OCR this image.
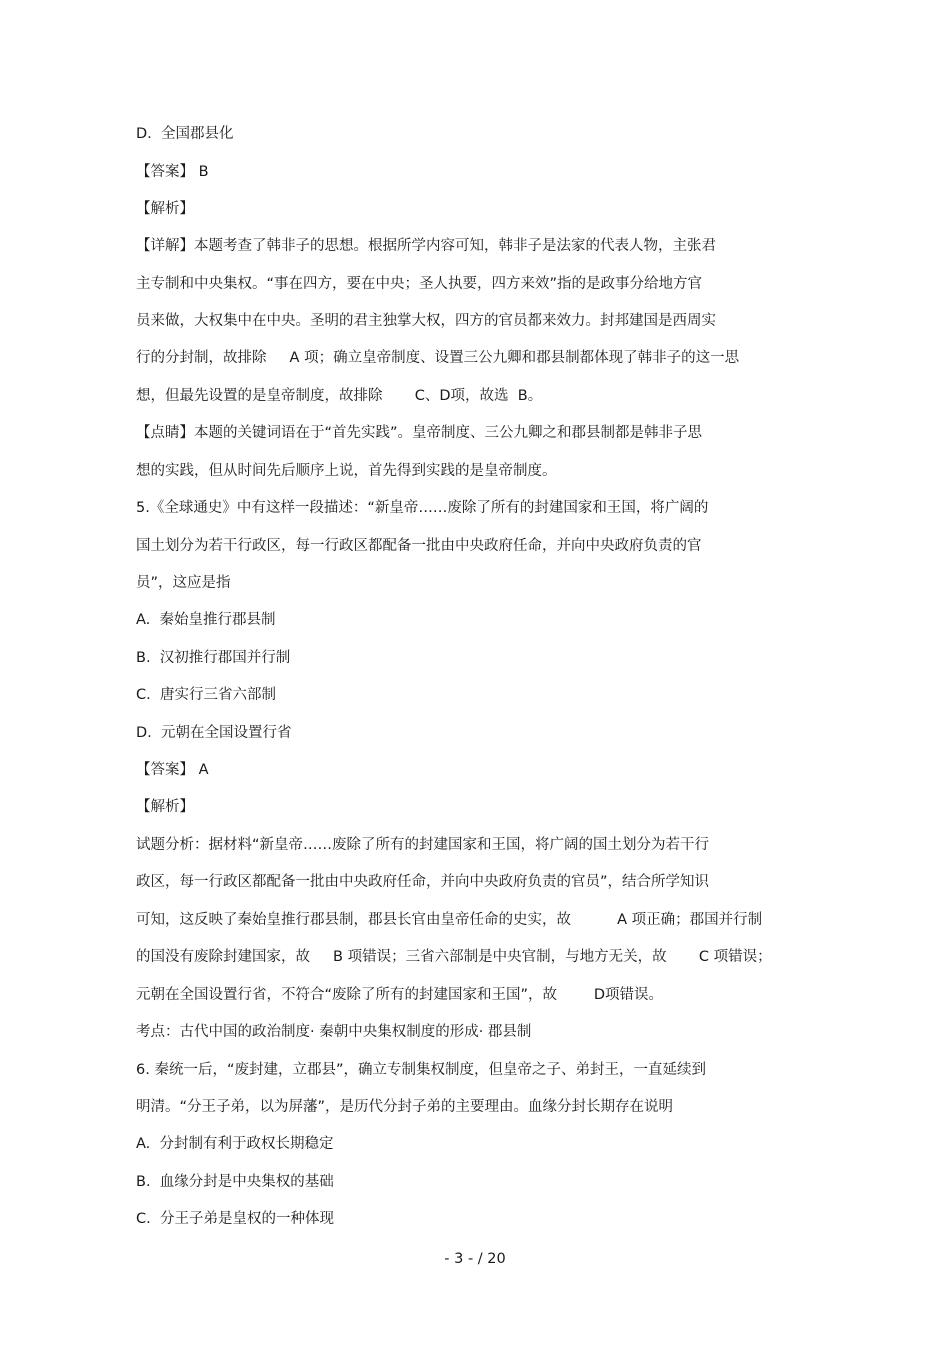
D.  全国郡县化
【答案】 B
【解析】
【详解】本题考查了韩非子的思想。根据所学内容可知，韩非子是法家的代表人物，主张君
主专制和中央集权。“事在四方，要在中央；圣人执要，四方来效”指的是政事分给地方官
员来做，大权集中在中央。圣明的君主独掌大权，四方的官员都来效力。封邦建国是西周实
行的分封制，故排除     A 项；确立皇帝制度、设置三公九卿和郡县制都体现了韩非子的这一思
想，但最先设置的是皇帝制度，故排除       C、D项，故选  B。
【点睛】本题的关键词语在于“首先实践”。皇帝制度、三公九卿之和郡县制都是韩非子思
想的实践，但从时间先后顺序上说，首先得到实践的是皇帝制度。
5.《全球通史》中有这样一段描述：“新皇帝……废除了所有的封建国家和王国，将广阔的
国土划分为若干行政区，每一行政区都配备一批由中央政府任命，并向中央政府负责的官
员”，这应是指
A.  秦始皇推行郡县制
B.  汉初推行郡国并行制
C.  唐实行三省六部制
D.  元朝在全国设置行省
【答案】 A
【解析】
试题分析：据材料“新皇帝……废除了所有的封建国家和王国，将广阔的国土划分为若干行
政区，每一行政区都配备一批由中央政府任命，并向中央政府负责的官员”，结合所学知识
可知，这反映了秦始皇推行郡县制，郡县长官由皇帝任命的史实，故          A 项正确；郡国并行制
的国没有废除封建国家，故     B 项错误；三省六部制是中央官制，与地方无关，故       C 项错误；
元朝在全国设置行省，不符合“废除了所有的封建国家和王国”，故        D项错误。
考点：古代中国的政治制度· 秦朝中央集权制度的形成· 郡县制
6. 秦统一后，“废封建，立郡县”，确立专制集权制度，但皇帝之子、弟封王，一直延续到
明清。“分王子弟，以为屏藩”，是历代分封子弟的主要理由。血缘分封长期存在说明
A.  分封制有利于政权长期稳定
B.  血缘分封是中央集权的基础
C.  分王子弟是皇权的一种体现
- 3 - / 20
